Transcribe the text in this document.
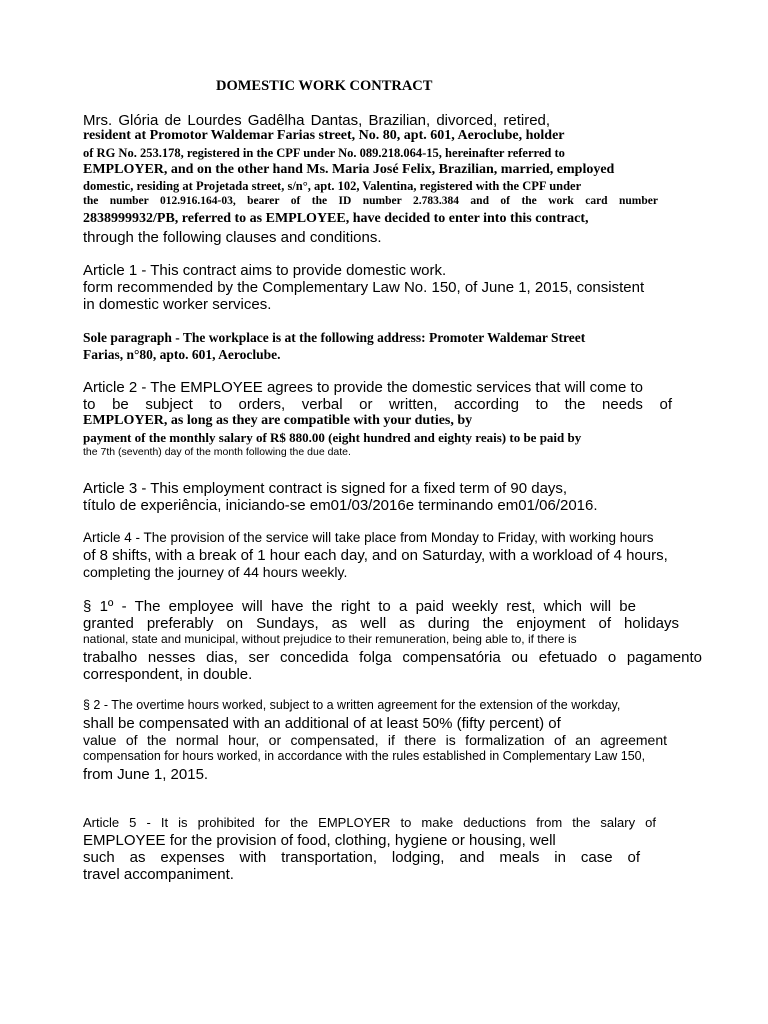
DOMESTIC WORK CONTRACT
Mrs. Glória de Lourdes Gadêlha Dantas, Brazilian, divorced, retired,
resident at Promotor Waldemar Farias street, No. 80, apt. 601, Aeroclube, holder
of RG No. 253.178, registered in the CPF under No. 089.218.064-15, hereinafter referred to
EMPLOYER, and on the other hand Ms. Maria José Felix, Brazilian, married, employed
domestic, residing at Projetada street, s/n°, apt. 102, Valentina, registered with the CPF under
the number 012.916.164-03, bearer of the ID number 2.783.384 and of the work card number
2838999932/PB, referred to as EMPLOYEE, have decided to enter into this contract,
through the following clauses and conditions.
Article 1 - This contract aims to provide domestic work.
form recommended by the Complementary Law No. 150, of June 1, 2015, consistent
in domestic worker services.
Sole paragraph - The workplace is at the following address: Promoter Waldemar Street
Farias, n°80, apto. 601, Aeroclube.
Article 2 - The EMPLOYEE agrees to provide the domestic services that will come to
to be subject to orders, verbal or written, according to the needs of
EMPLOYER, as long as they are compatible with your duties, by
payment of the monthly salary of R$ 880.00 (eight hundred and eighty reais) to be paid by
the 7th (seventh) day of the month following the due date.
Article 3 - This employment contract is signed for a fixed term of 90 days,
título de experiência, iniciando-se em01/03/2016e terminando em01/06/2016.
Article 4 - The provision of the service will take place from Monday to Friday, with working hours
of 8 shifts, with a break of 1 hour each day, and on Saturday, with a workload of 4 hours,
completing the journey of 44 hours weekly.
§ 1º - The employee will have the right to a paid weekly rest, which will be
granted preferably on Sundays, as well as during the enjoyment of holidays
national, state and municipal, without prejudice to their remuneration, being able to, if there is
trabalho nesses dias, ser concedida folga compensatória ou efetuado o pagamento
correspondent, in double.
§ 2 - The overtime hours worked, subject to a written agreement for the extension of the workday,
shall be compensated with an additional of at least 50% (fifty percent) of
value of the normal hour, or compensated, if there is formalization of an agreement
compensation for hours worked, in accordance with the rules established in Complementary Law 150,
from June 1, 2015.
Article 5 - It is prohibited for the EMPLOYER to make deductions from the salary of
EMPLOYEE for the provision of food, clothing, hygiene or housing, well
such as expenses with transportation, lodging, and meals in case of
travel accompaniment.
